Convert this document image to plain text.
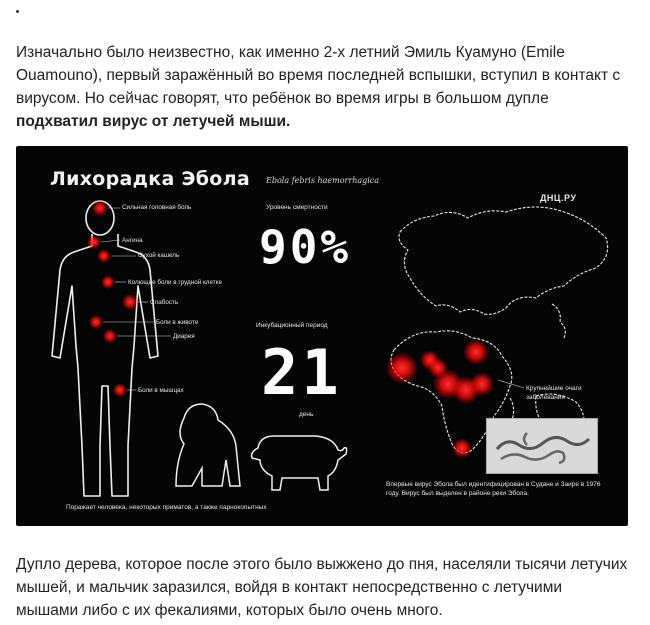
Изначально было неизвестно, как именно 2-х летний Эмиль Куамуно (Emile Ouamouno), первый заражённый во время последней вспышки, вступил в контакт с вирусом. Но сейчас говорят, что ребёнок во время игры в большом дупле подхватил вирус от летучей мыши.

Лихорадка Эбола Ebola febris haemorrhagica
ДНЦ.РУ
Сильная головная боль
Ангина
Сухой кашель
Колющие боли в грудной клетке
Слабость
Боли в животе
Диарея
Боли в мышцах
Уровень смертности
90%
Инкубационный период
21
день
Крупнейшие очаги заболевания
Впервые вирус Эбола был идентифицирован в Судане и Заире в 1976 году. Вирус был выделен в районе реки Эбола.
Поражает человека, некоторых приматов, а также парнокопытных

Дупло дерева, которое после этого было выжжено до пня, населяли тысячи летучих мышей, и мальчик заразился, войдя в контакт непосредственно с летучими мышами либо с их фекалиями, которых было очень много.
